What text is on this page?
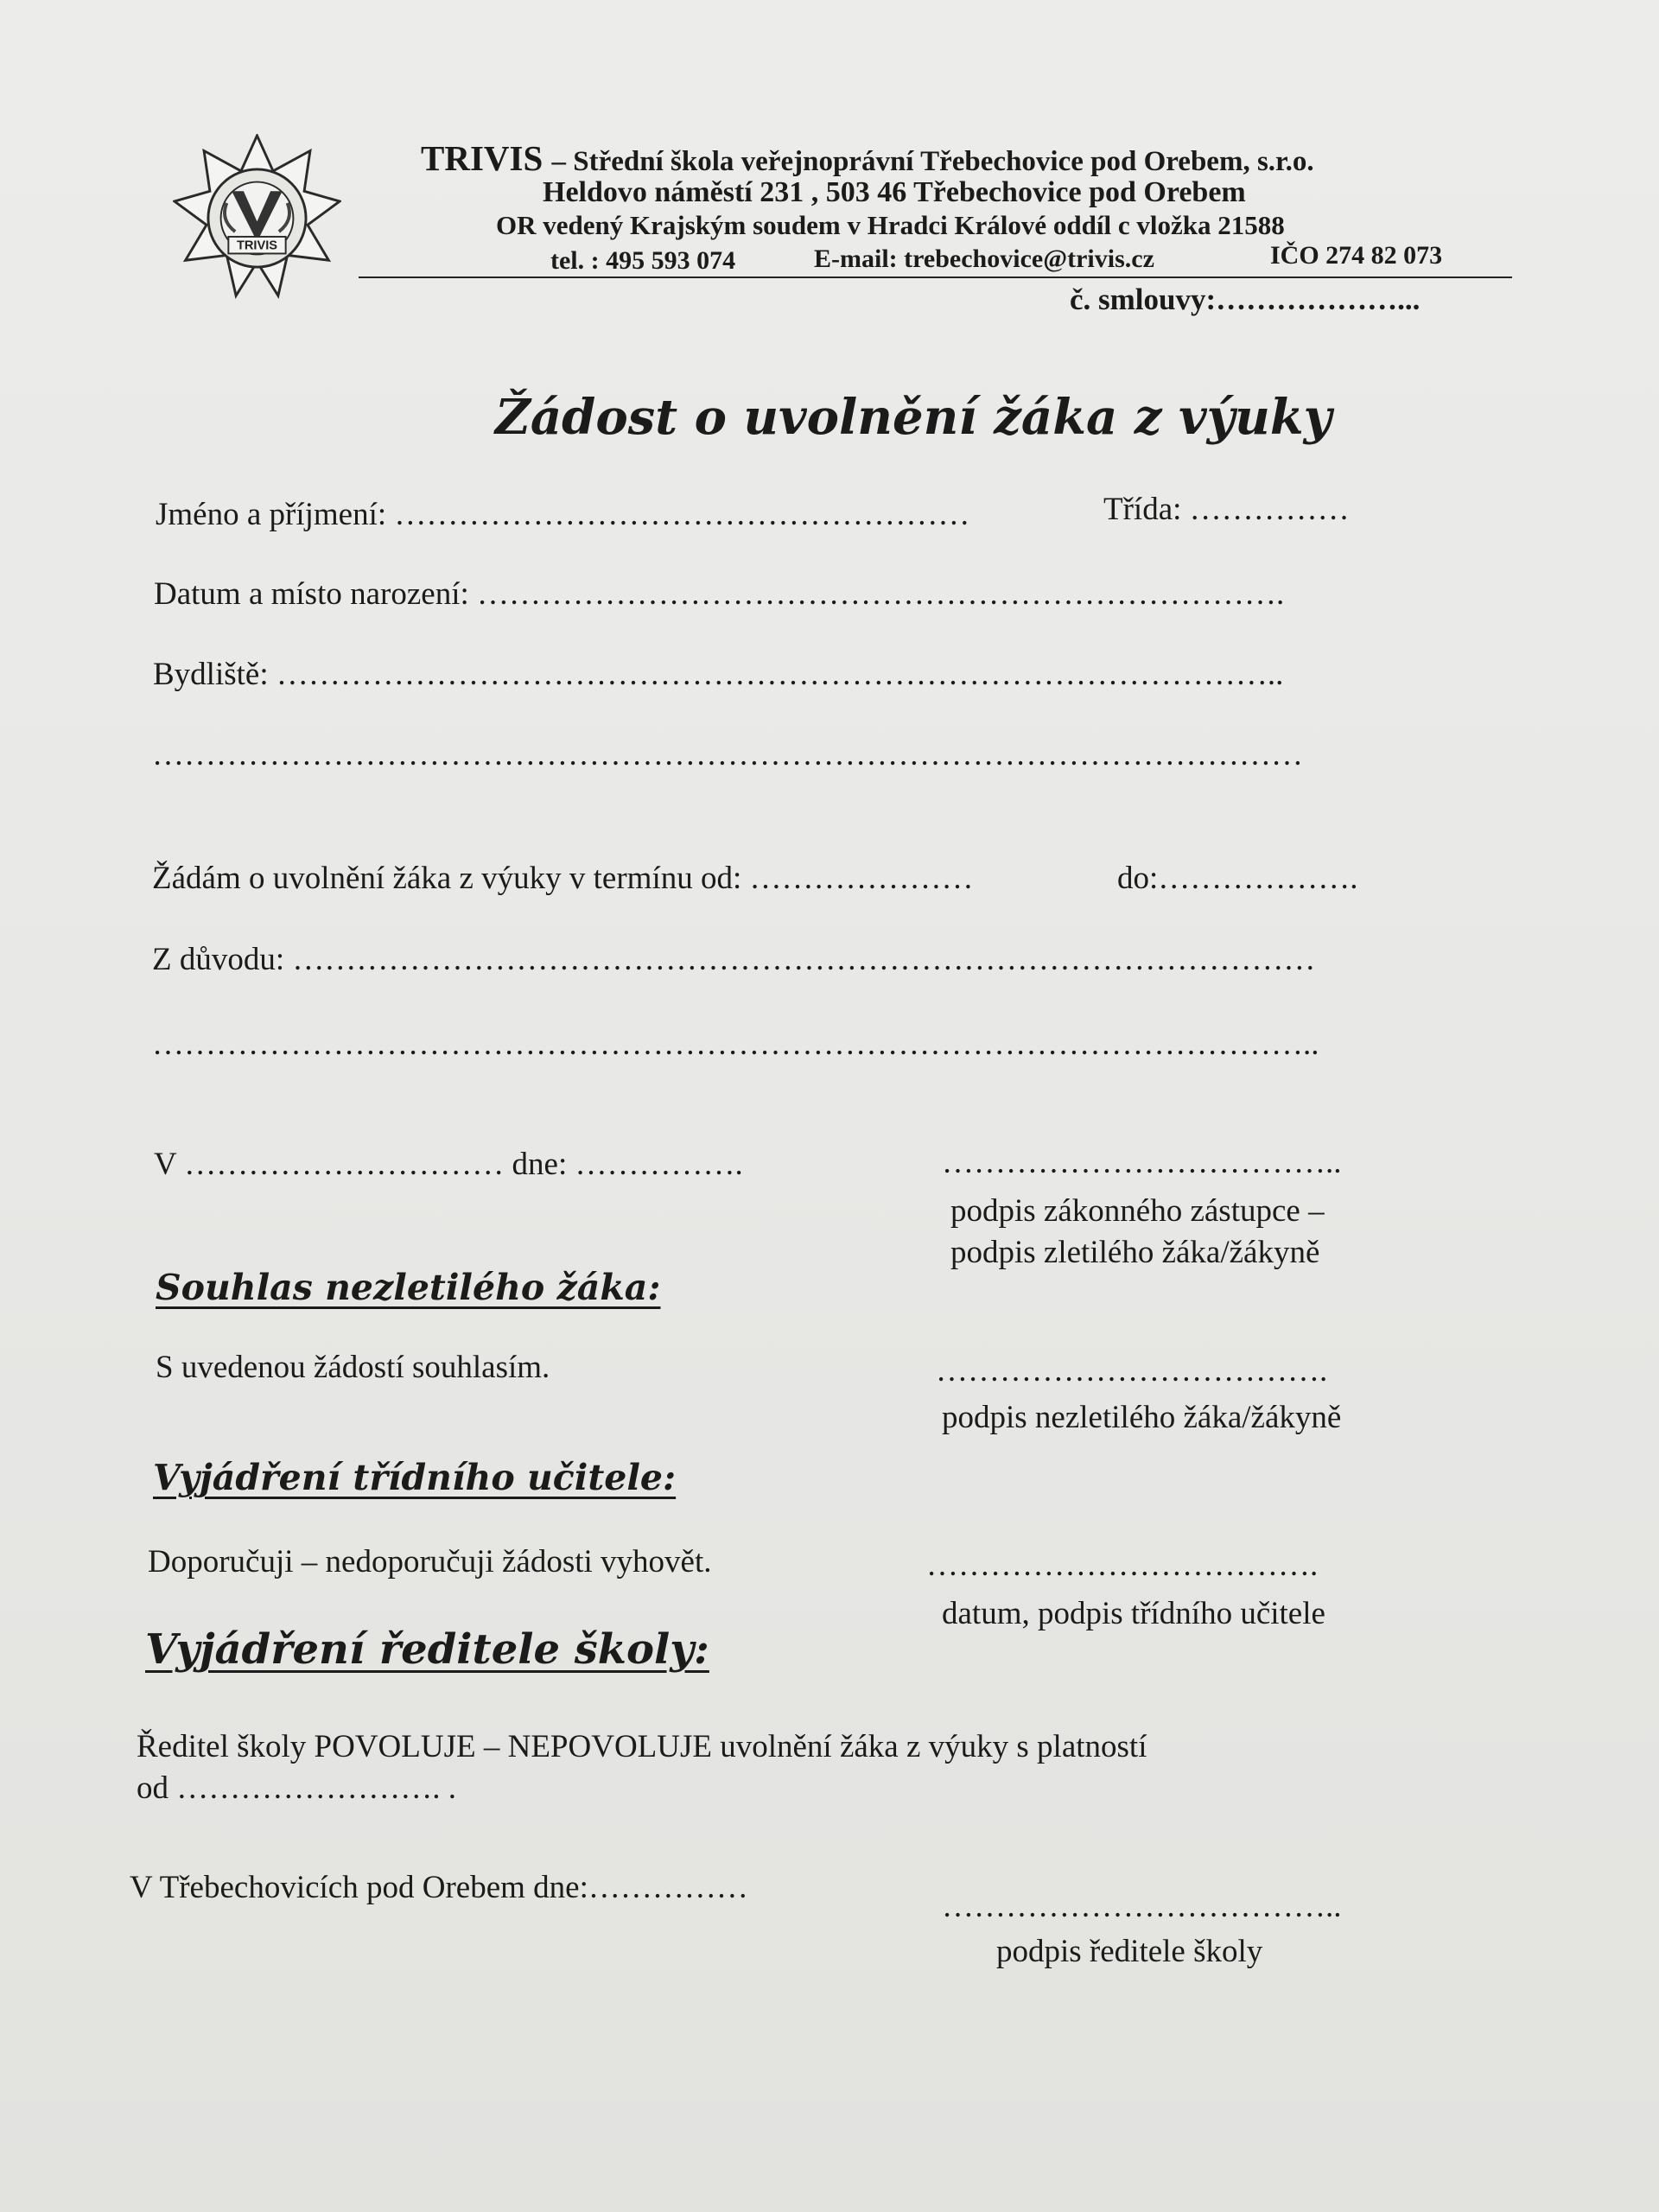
TRIVIS
TRIVIS – Střední škola veřejnoprávní Třebechovice pod Orebem, s.r.o.
Heldovo náměstí 231 , 503 46 Třebechovice pod Orebem
OR vedený Krajským soudem v Hradci Králové oddíl c vložka 21588
tel. : 495 593 074	E-mail: trebechovice@trivis.cz	IČO 274 82 073
č. smlouvy:………………...
Žádost o uvolnění žáka z výuky
Jméno a příjmení: ………………………………………………	Třída: ……………
Datum a místo narození: ………………………………………………………………….
Bydliště: …………………………………………………………………………………..
………………………………………………………………………………………………
Žádám o uvolnění žáka z výuky v termínu od: …………………	do:……………….
Z důvodu: ……………………………………………………………………………………
………………………………………………………………………………………………..
V ………………………… dne: …………….	………………………………..
podpis zákonného zástupce –
podpis zletilého žáka/žákyně
Souhlas nezletilého žáka:
S uvedenou žádostí souhlasím.	……………………………….
podpis nezletilého žáka/žákyně
Vyjádření třídního učitele:
Doporučuji – nedoporučuji žádosti vyhovět.	……………………………….
datum, podpis třídního učitele
Vyjádření ředitele školy:
Ředitel školy POVOLUJE – NEPOVOLUJE uvolnění žáka z výuky s platností
od ……………………. .
V Třebechovicích pod Orebem dne:……………
………………………………..
podpis ředitele školy
